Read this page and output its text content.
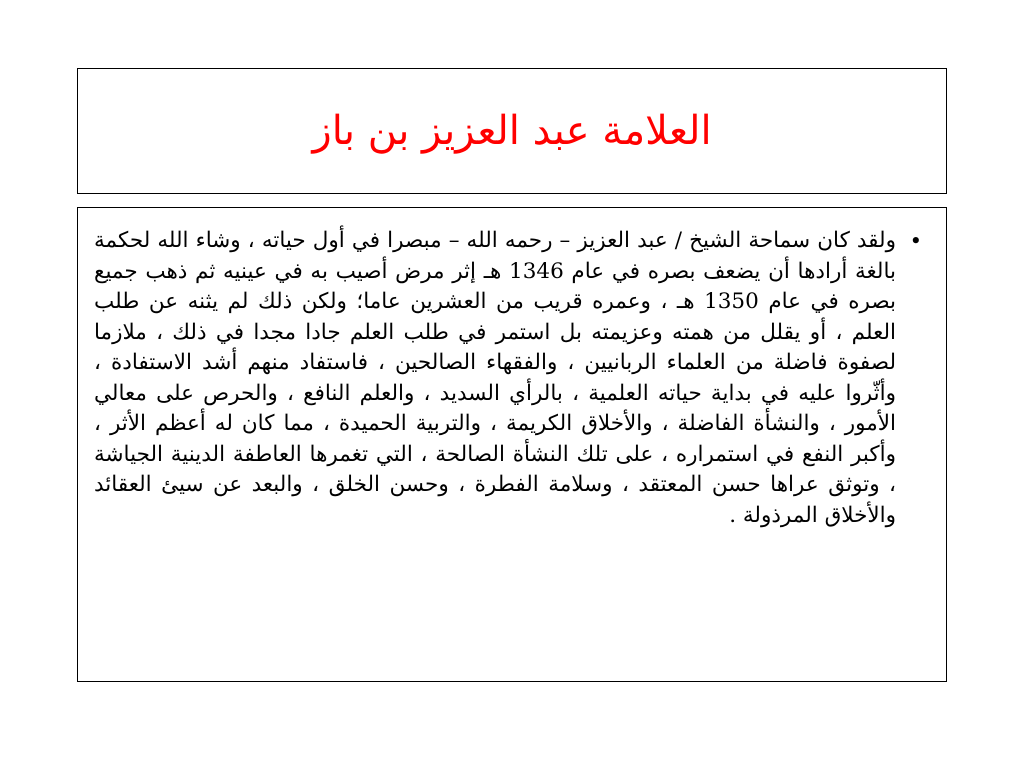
العلامة عبد العزيز بن باز
•
ولقد كان سماحة الشيخ / عبد العزيز – رحمه الله – مبصرا في أول حياته ، وشاء الله لحكمة بالغة أرادها أن يضعف بصره في عام 1346 هـ إثر مرض أصيب به في عينيه ثم ذهب جميع بصره في عام 1350 هـ ، وعمره قريب من العشرين عاما؛ ولكن ذلك لم يثنه عن طلب العلم ، أو يقلل من همته وعزيمته بل استمر في طلب العلم جادا مجدا في ذلك ، ملازما لصفوة فاضلة من العلماء الربانيين ، والفقهاء الصالحين ، فاستفاد منهم أشد الاستفادة ، وأثّروا عليه في بداية حياته العلمية ، بالرأي السديد ، والعلم النافع ، والحرص على معالي الأمور ، والنشأة الفاضلة ، والأخلاق الكريمة ، والتربية الحميدة ، مما كان له أعظم الأثر ، وأكبر النفع في استمراره ، على تلك النشأة الصالحة ، التي تغمرها العاطفة الدينية الجياشة ، وتوثق عراها حسن المعتقد ، وسلامة الفطرة ، وحسن الخلق ، والبعد عن سيئ العقائد والأخلاق المرذولة .
